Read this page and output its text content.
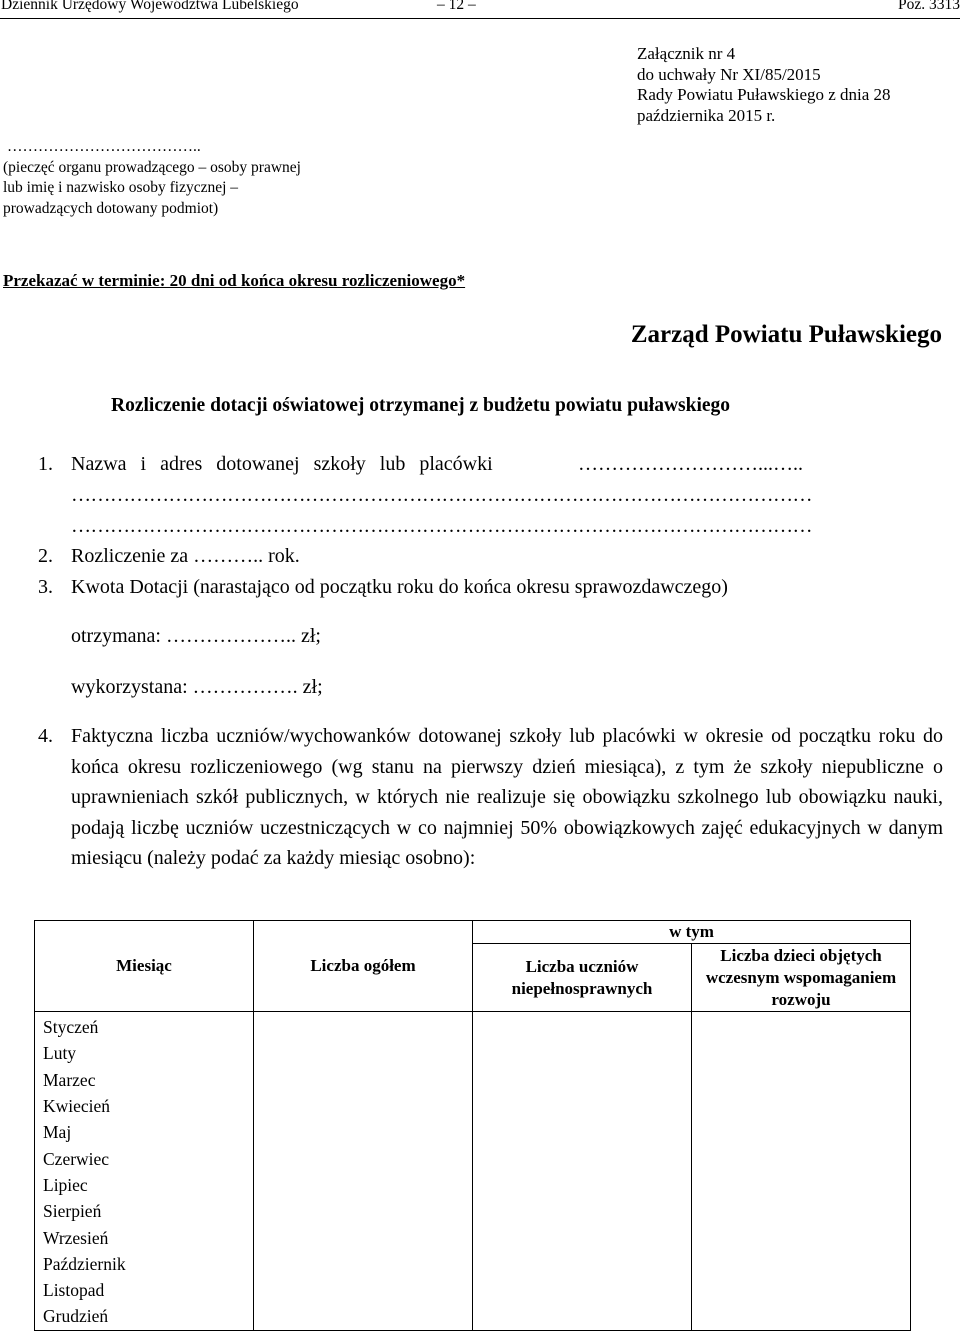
Dziennik Urzędowy Województwa Lubelskiego	– 12 –	Poz. 3313
Załącznik nr 4
do uchwały Nr XI/85/2015
Rady Powiatu Puławskiego z dnia 28
października 2015 r.
………………………………..
(pieczęć organu prowadzącego – osoby prawnej
lub imię i nazwisko osoby fizycznej –
prowadzących dotowany podmiot)
Przekazać w terminie: 20 dni od końca okresu rozliczeniowego*
Zarząd Powiatu Puławskiego
Rozliczenie dotacji oświatowej otrzymanej z budżetu powiatu puławskiego
1. Nazwa i adres dotowanej szkoły lub placówki	………………………...…..
……………………………………………………………………………………………………
……………………………………………………………………………………………………
2. Rozliczenie za ……….. rok.
3. Kwota Dotacji (narastająco od początku roku do końca okresu sprawozdawczego)
otrzymana: ……………….. zł;
wykorzystana: ……………. zł;
4. Faktyczna liczba uczniów/wychowanków dotowanej szkoły lub placówki w okresie od początku roku do końca okresu rozliczeniowego (wg stanu na pierwszy dzień miesiąca), z tym że szkoły niepubliczne o uprawnieniach szkół publicznych, w których nie realizuje się obowiązku szkolnego lub obowiązku nauki, podają liczbę uczniów uczestniczących w co najmniej 50% obowiązkowych zajęć edukacyjnych w danym miesiącu (należy podać za każdy miesiąc osobno):
Miesiąc	Liczba ogółem	w tym	

		Liczba uczniów niepełnosprawnych	Liczba dzieci objętych wczesnym wspomaganiem rozwoju

Styczeń			
Luty			
Marzec			
Kwiecień			
Maj			
Czerwiec			
Lipiec			
Sierpień			
Wrzesień			
Październik			
Listopad			
Grudzień			
